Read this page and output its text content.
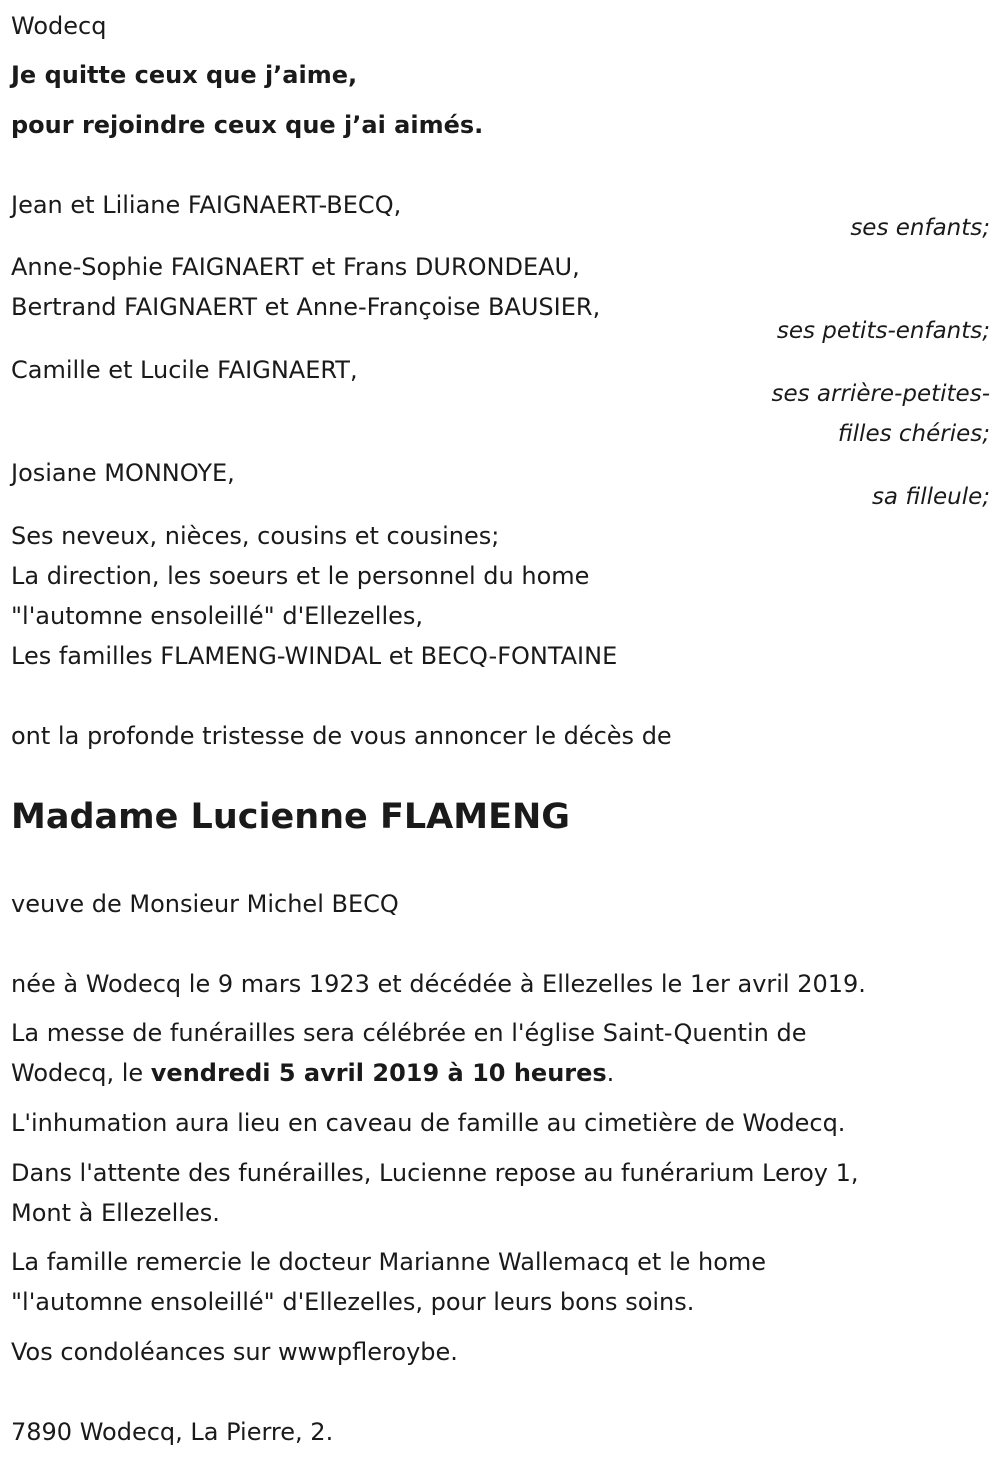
Wodecq
Je quitte ceux que j’aime,
pour rejoindre ceux que j’ai aimés.
Jean et Liliane FAIGNAERT-BECQ,
ses enfants;
Anne-Sophie FAIGNAERT et Frans DURONDEAU,
Bertrand FAIGNAERT et Anne-Françoise BAUSIER,
ses petits-enfants;
Camille et Lucile FAIGNAERT,
ses arrière-petites-
filles chéries;
Josiane MONNOYE,
sa filleule;
Ses neveux, nièces, cousins et cousines;
La direction, les soeurs et le personnel du home
"l'automne ensoleillé" d'Ellezelles,
Les familles FLAMENG-WINDAL et BECQ-FONTAINE
ont la profonde tristesse de vous annoncer le décès de
Madame Lucienne FLAMENG
veuve de Monsieur Michel BECQ
née à Wodecq le 9 mars 1923 et décédée à Ellezelles le 1er avril 2019.
La messe de funérailles sera célébrée en l'église Saint-Quentin de
Wodecq, le vendredi 5 avril 2019 à 10 heures.
L'inhumation aura lieu en caveau de famille au cimetière de Wodecq.
Dans l'attente des funérailles, Lucienne repose au funérarium Leroy 1,
Mont à Ellezelles.
La famille remercie le docteur Marianne Wallemacq et le home
"l'automne ensoleillé" d'Ellezelles, pour leurs bons soins.
Vos condoléances sur wwwpfleroybe.
7890 Wodecq, La Pierre, 2.
